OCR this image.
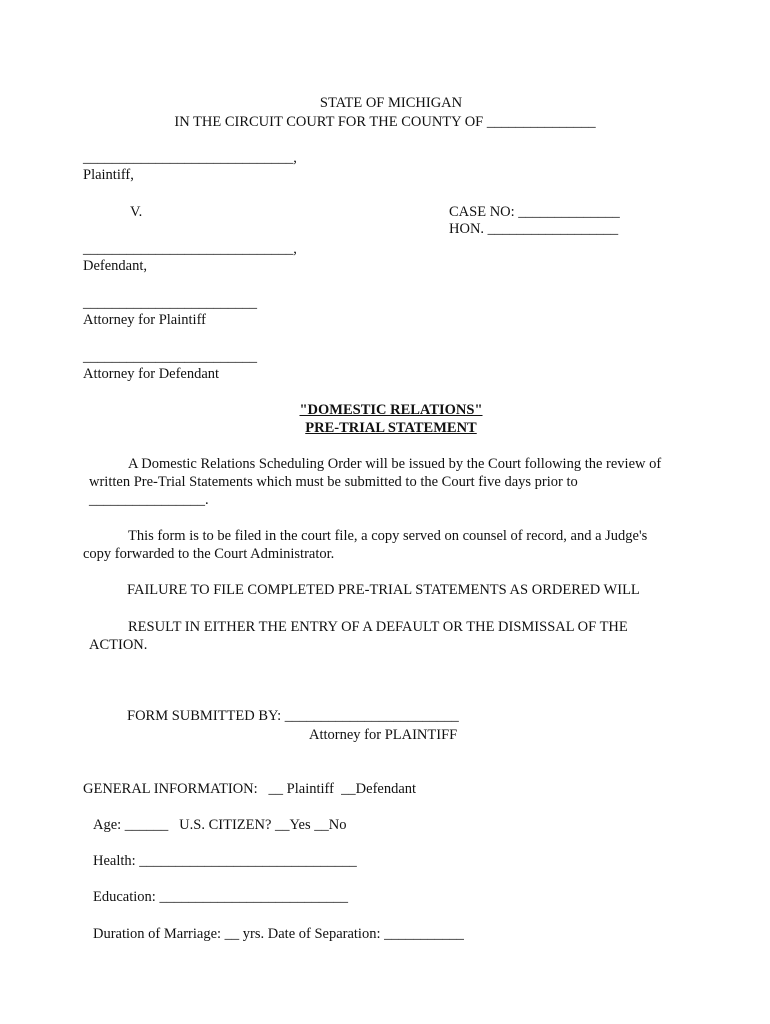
STATE OF MICHIGAN
IN THE CIRCUIT COURT FOR THE COUNTY OF _______________
_____________________________,
Plaintiff,
V.	CASE NO: ______________
HON. __________________
_____________________________,
Defendant,
________________________
Attorney for Plaintiff
________________________
Attorney for Defendant
"DOMESTIC RELATIONS"
PRE-TRIAL STATEMENT
A Domestic Relations Scheduling Order will be issued by the Court following the review of
written Pre-Trial Statements which must be submitted to the Court five days prior to
________________.
This form is to be filed in the court file, a copy served on counsel of record, and a Judge's
copy forwarded to the Court Administrator.
FAILURE TO FILE COMPLETED PRE-TRIAL STATEMENTS AS ORDERED WILL
RESULT IN EITHER THE ENTRY OF A DEFAULT OR THE DISMISSAL OF THE
ACTION.
FORM SUBMITTED BY: ________________________
Attorney for PLAINTIFF
GENERAL INFORMATION:   __ Plaintiff  __Defendant
Age: ______   U.S. CITIZEN? __Yes __No
Health: ______________________________
Education: __________________________
Duration of Marriage: __ yrs. Date of Separation: ___________
